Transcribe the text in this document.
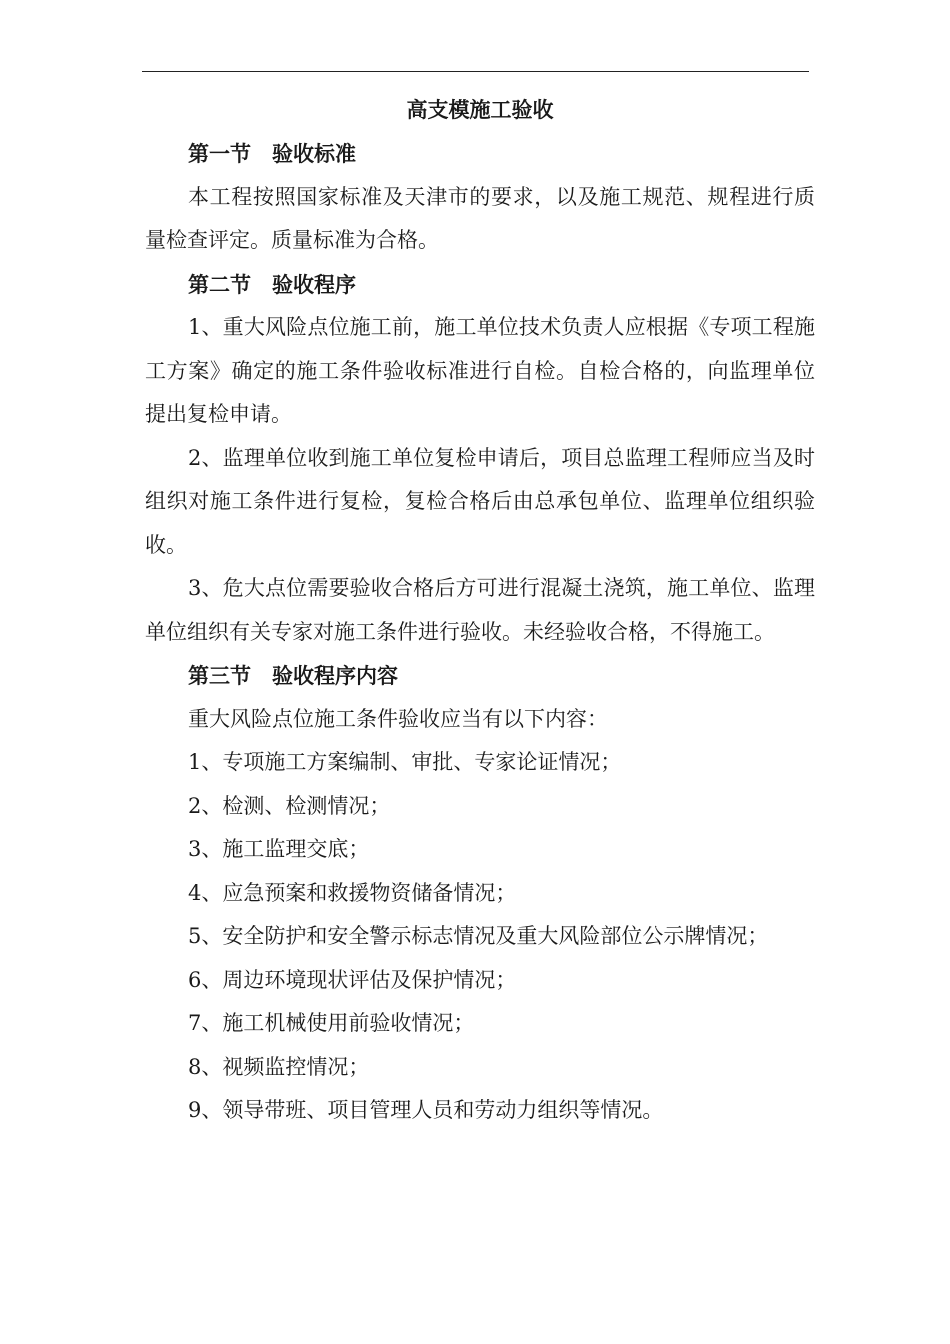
高支模施工验收
第一节　验收标准

本工程按照国家标准及天津市的要求，以及施工规范、规程进行质量检查评定。质量标准为合格。

第二节　验收程序

1、重大风险点位施工前，施工单位技术负责人应根据《专项工程施工方案》确定的施工条件验收标准进行自检。自检合格的，向监理单位提出复检申请。

2、监理单位收到施工单位复检申请后，项目总监理工程师应当及时组织对施工条件进行复检，复检合格后由总承包单位、监理单位组织验收。

3、危大点位需要验收合格后方可进行混凝土浇筑，施工单位、监理单位组织有关专家对施工条件进行验收。未经验收合格，不得施工。

第三节　验收程序内容

重大风险点位施工条件验收应当有以下内容：

1、专项施工方案编制、审批、专家论证情况；

2、检测、检测情况；

3、施工监理交底；

4、应急预案和救援物资储备情况；

5、安全防护和安全警示标志情况及重大风险部位公示牌情况；

6、周边环境现状评估及保护情况；

7、施工机械使用前验收情况；

8、视频监控情况；

9、领导带班、项目管理人员和劳动力组织等情况。
